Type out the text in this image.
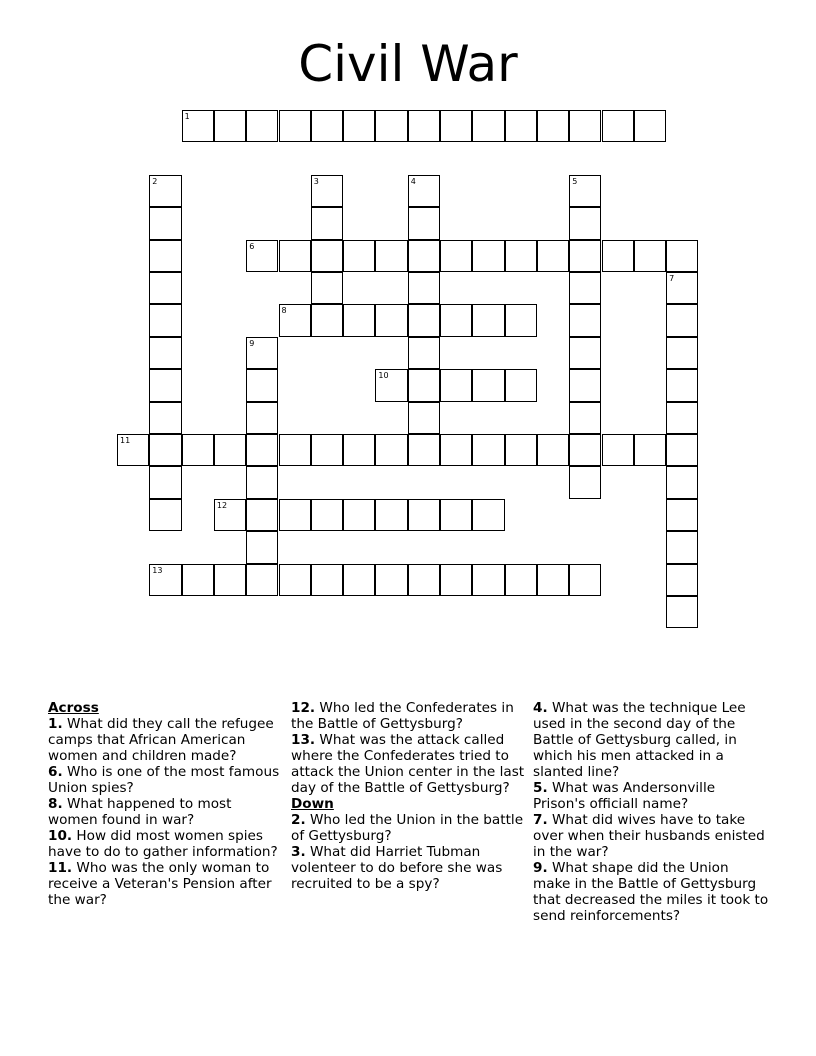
Civil War
1
2	3	4	5
6
7
8
9
10
11
12
13
Across
1. What did they call the refugee camps that African American women and children made?
6. Who is one of the most famous Union spies?
8. What happened to most women found in war?
10. How did most women spies have to do to gather information?
11. Who was the only woman to receive a Veteran's Pension after the war?
12. Who led the Confederates in the Battle of Gettysburg?
13. What was the attack called where the Confederates tried to attack the Union center in the last day of the Battle of Gettysburg?
Down
2. Who led the Union in the battle of Gettysburg?
3. What did Harriet Tubman volenteer to do before she was recruited to be a spy?
4. What was the technique Lee used in the second day of the Battle of Gettysburg called, in which his men attacked in a slanted line?
5. What was Andersonville Prison's officiall name?
7. What did wives have to take over when their husbands enisted in the war?
9. What shape did the Union make in the Battle of Gettysburg that decreased the miles it took to send reinforcements?
